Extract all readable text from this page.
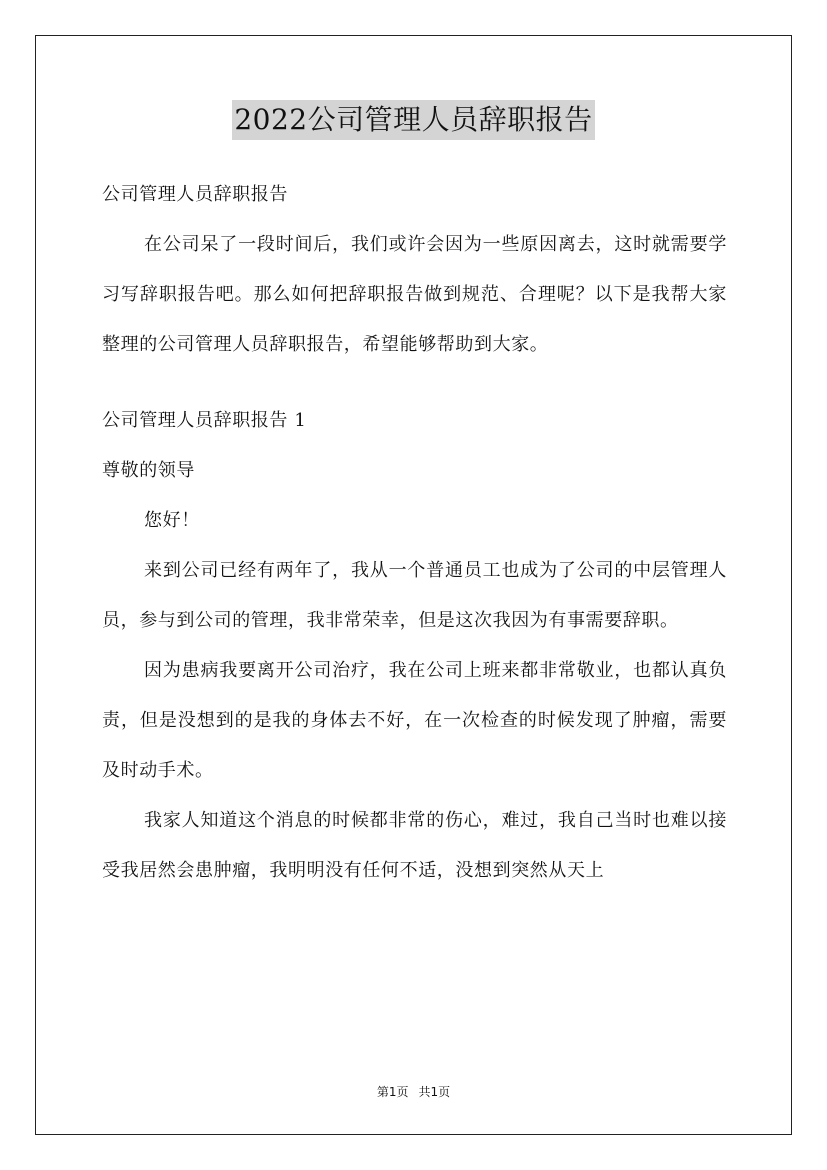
2022公司管理人员辞职报告

公司管理人员辞职报告

在公司呆了一段时间后，我们或许会因为一些原因离去，这时就需要学习写辞职报告吧。那么如何把辞职报告做到规范、合理呢？以下是我帮大家整理的公司管理人员辞职报告，希望能够帮助到大家。

公司管理人员辞职报告 1

尊敬的领导

您好！

来到公司已经有两年了，我从一个普通员工也成为了公司的中层管理人员，参与到公司的管理，我非常荣幸，但是这次我因为有事需要辞职。

因为患病我要离开公司治疗，我在公司上班来都非常敬业，也都认真负责，但是没想到的是我的身体去不好，在一次检查的时候发现了肿瘤，需要及时动手术。

我家人知道这个消息的时候都非常的伤心，难过，我自己当时也难以接受我居然会患肿瘤，我明明没有任何不适，没想到突然从天上

第1页 共1页
